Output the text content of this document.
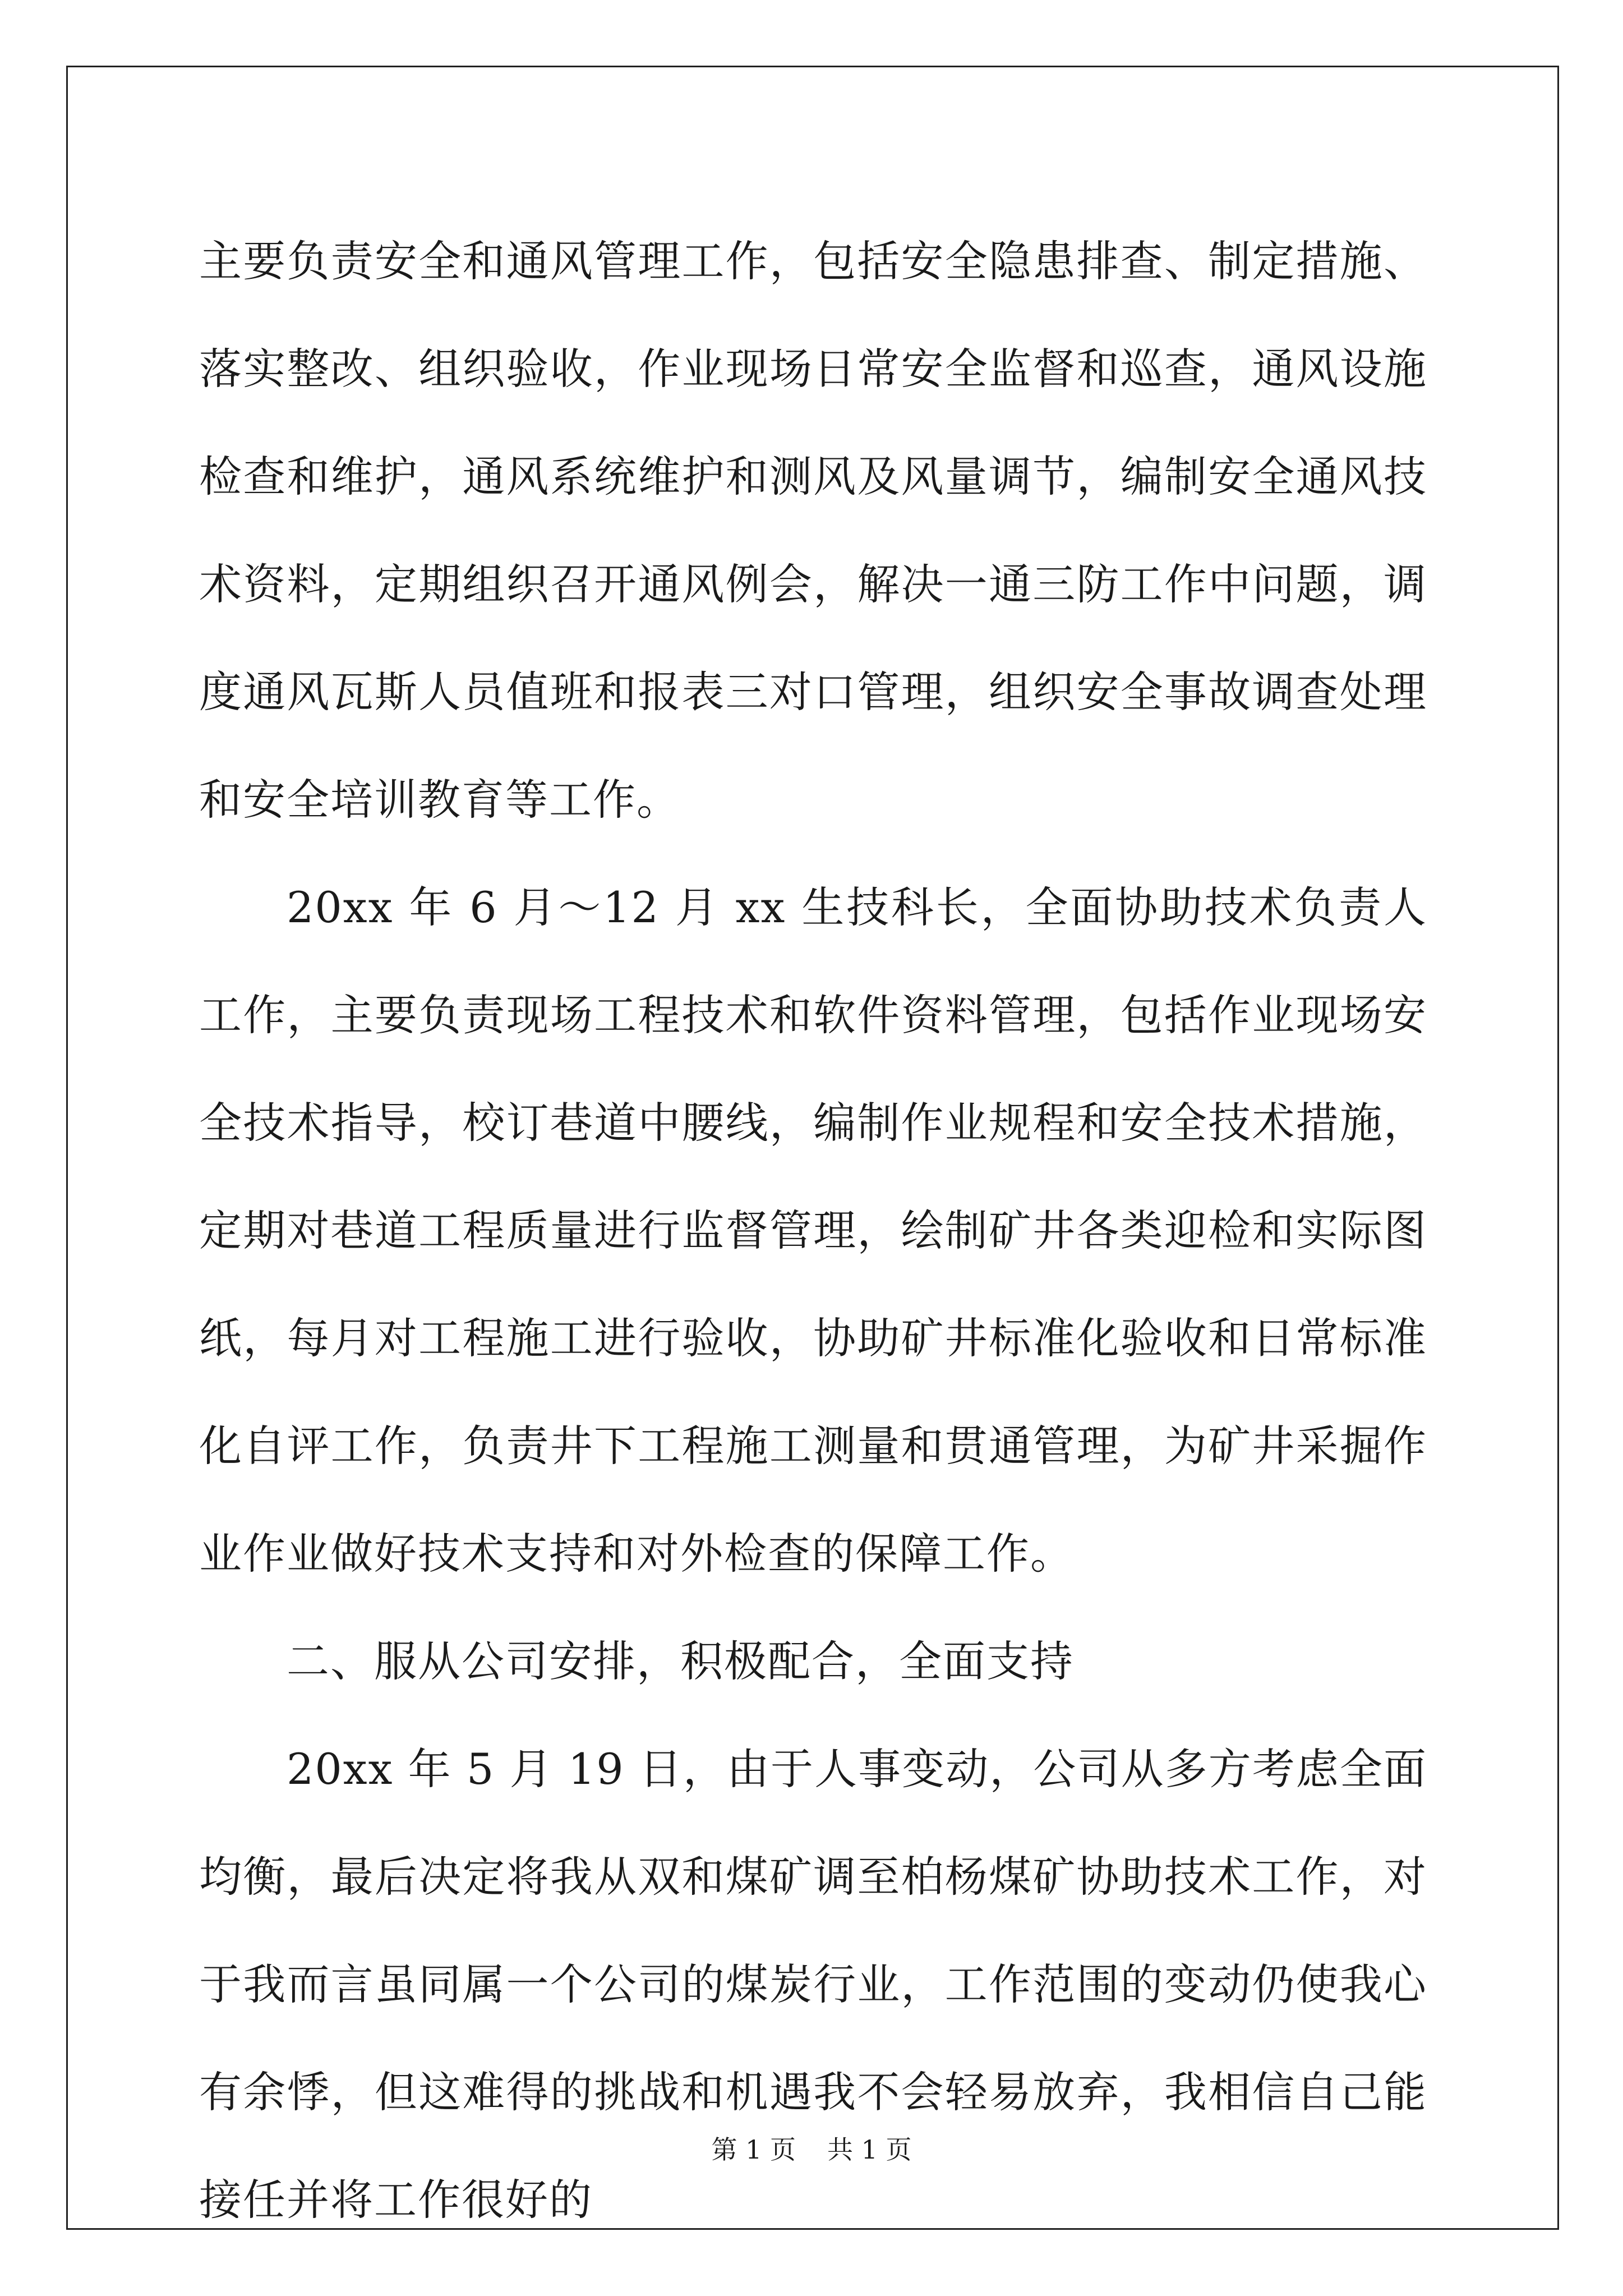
主要负责安全和通风管理工作，包括安全隐患排查、制定措施、落实整改、组织验收，作业现场日常安全监督和巡查，通风设施检查和维护，通风系统维护和测风及风量调节，编制安全通风技术资料，定期组织召开通风例会，解决一通三防工作中问题，调度通风瓦斯人员值班和报表三对口管理，组织安全事故调查处理和安全培训教育等工作。

20xx 年 6 月～12 月 xx 生技科长，全面协助技术负责人工作，主要负责现场工程技术和软件资料管理，包括作业现场安全技术指导，校订巷道中腰线，编制作业规程和安全技术措施，定期对巷道工程质量进行监督管理，绘制矿井各类迎检和实际图纸，每月对工程施工进行验收，协助矿井标准化验收和日常标准化自评工作，负责井下工程施工测量和贯通管理，为矿井采掘作业作业做好技术支持和对外检查的保障工作。

二、服从公司安排，积极配合，全面支持

20xx 年 5 月 19 日，由于人事变动，公司从多方考虑全面均衡，最后决定将我从双和煤矿调至柏杨煤矿协助技术工作，对于我而言虽同属一个公司的煤炭行业，工作范围的变动仍使我心有余悸，但这难得的挑战和机遇我不会轻易放弃，我相信自己能接任并将工作很好的

第 1 页 共 1 页
